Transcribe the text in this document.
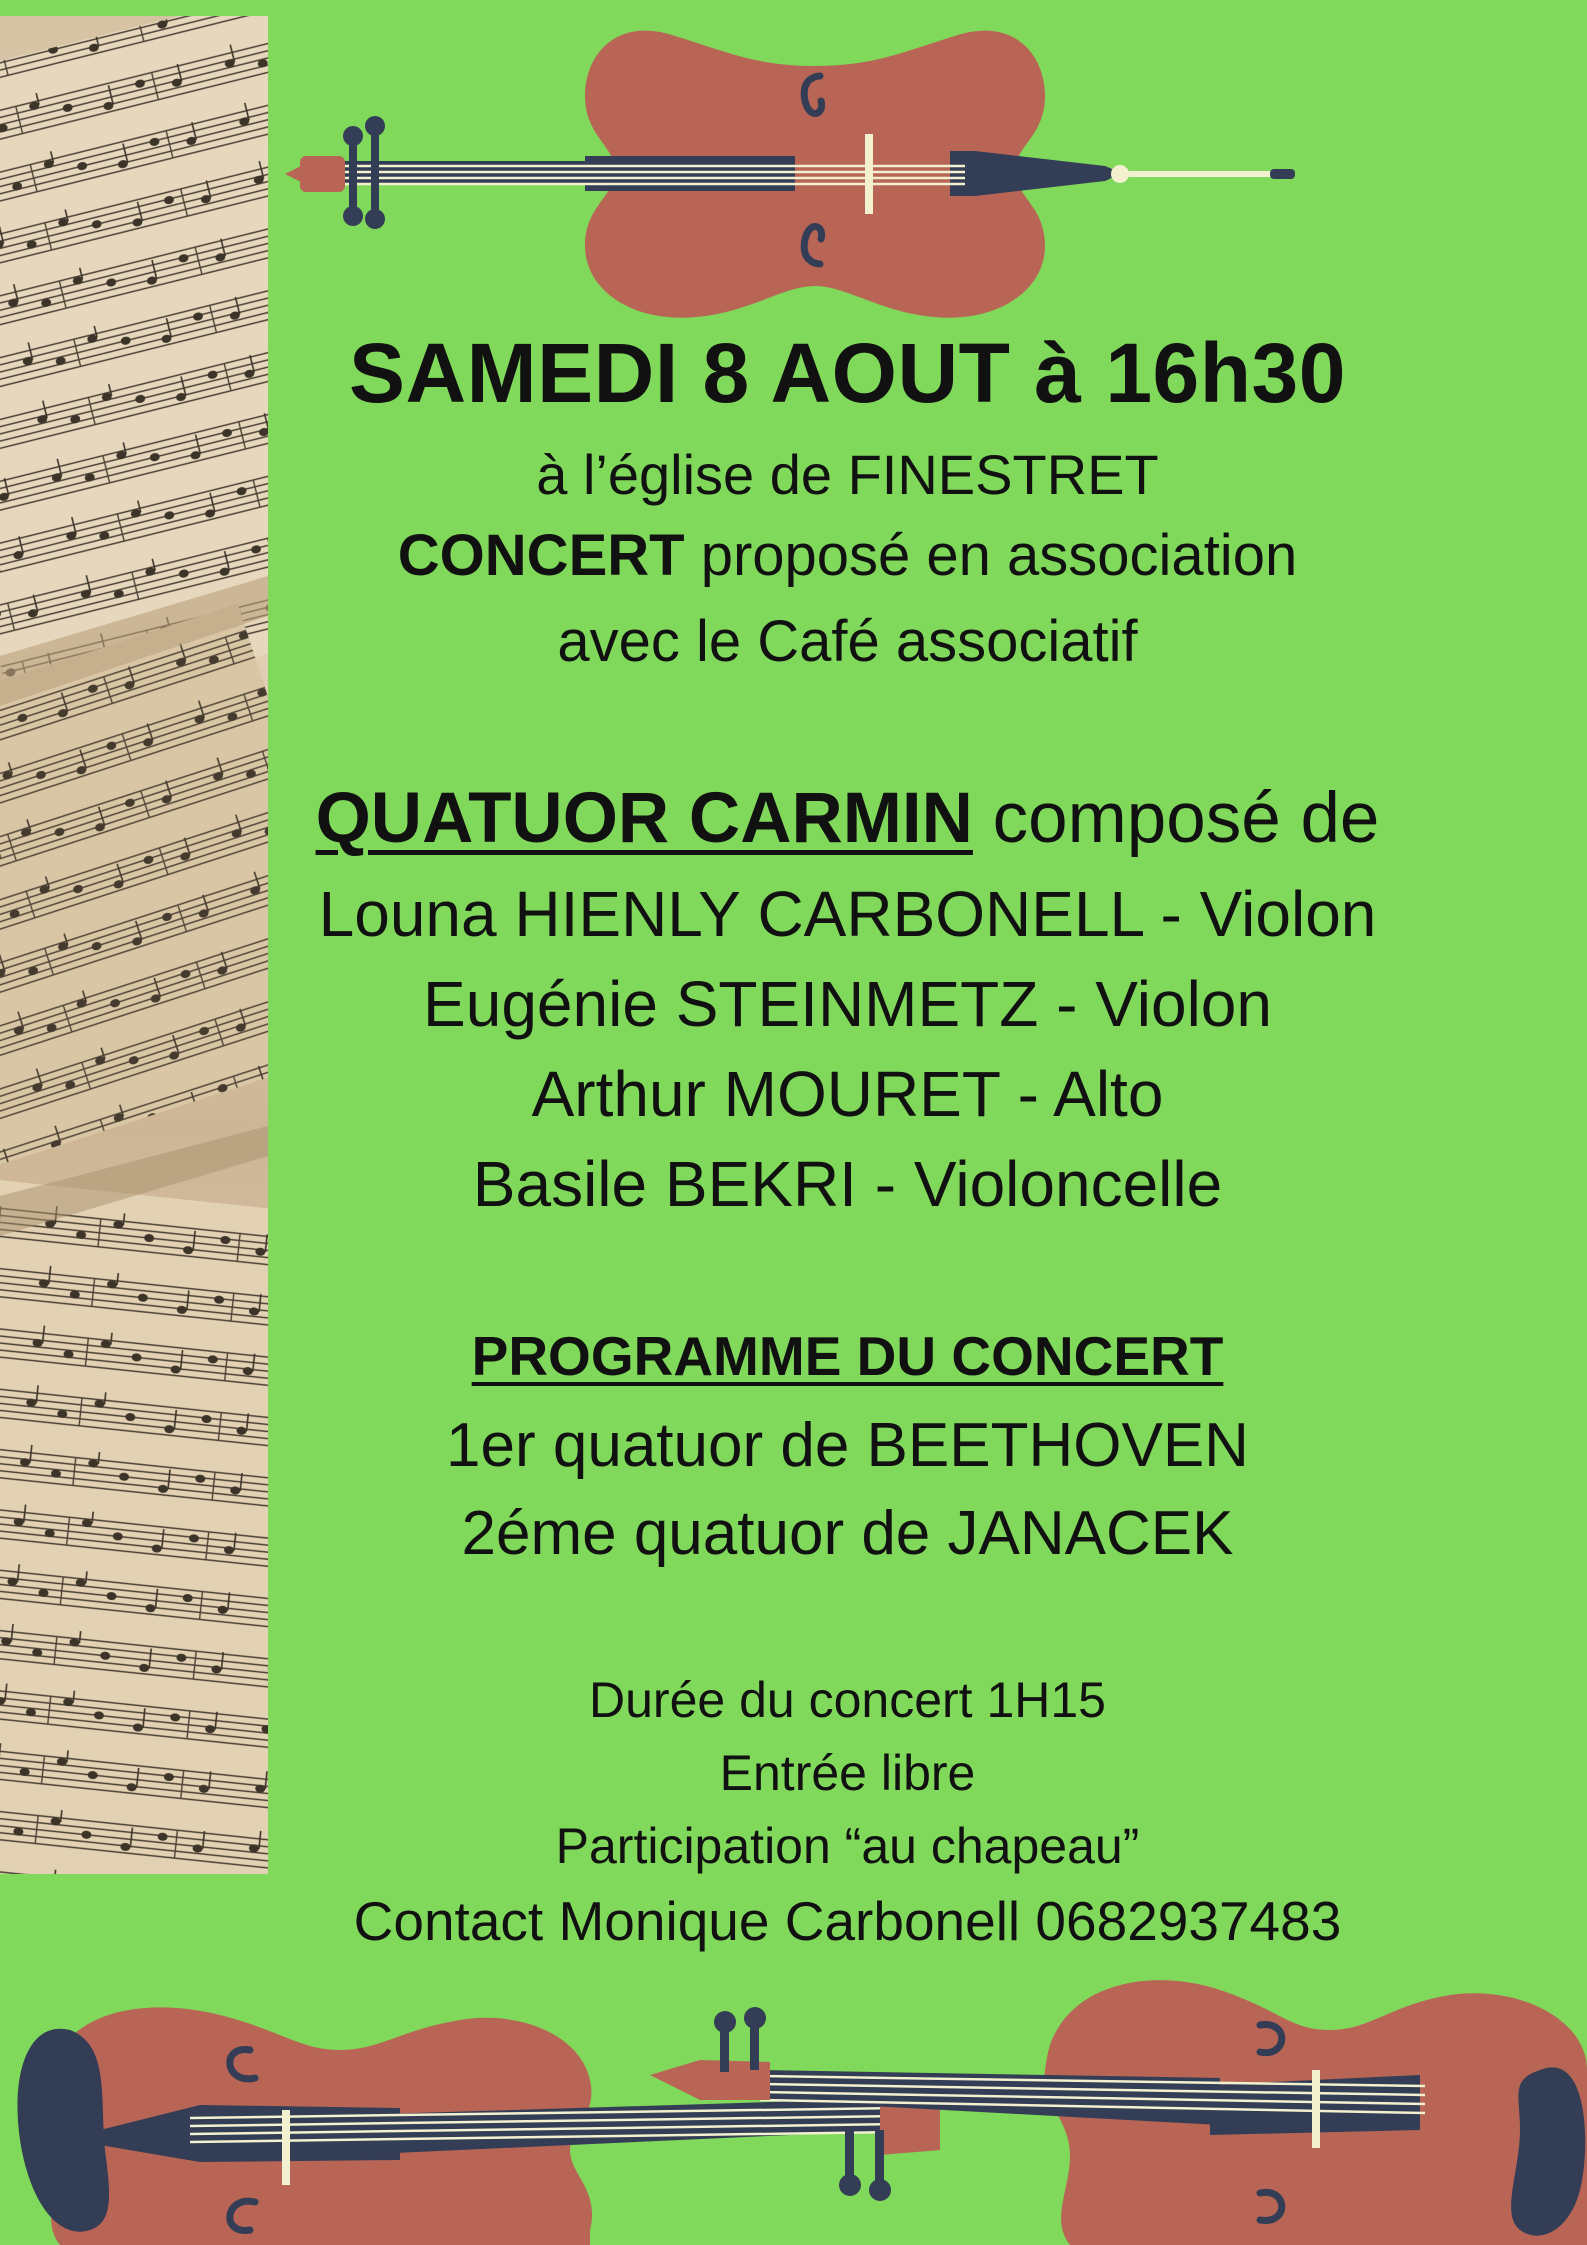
SAMEDI 8 AOUT à 16h30

à l’église de FINESTRET

CONCERT proposé en association

avec le Café associatif

QUATUOR CARMIN composé de

Louna HIENLY CARBONELL - Violon

Eugénie STEINMETZ - Violon

Arthur MOURET - Alto

Basile BEKRI - Violoncelle

PROGRAMME DU CONCERT

1er quatuor de BEETHOVEN

2éme quatuor de JANACEK

Durée du concert 1H15

Entrée libre

Participation “au chapeau”

Contact Monique Carbonell 0682937483
